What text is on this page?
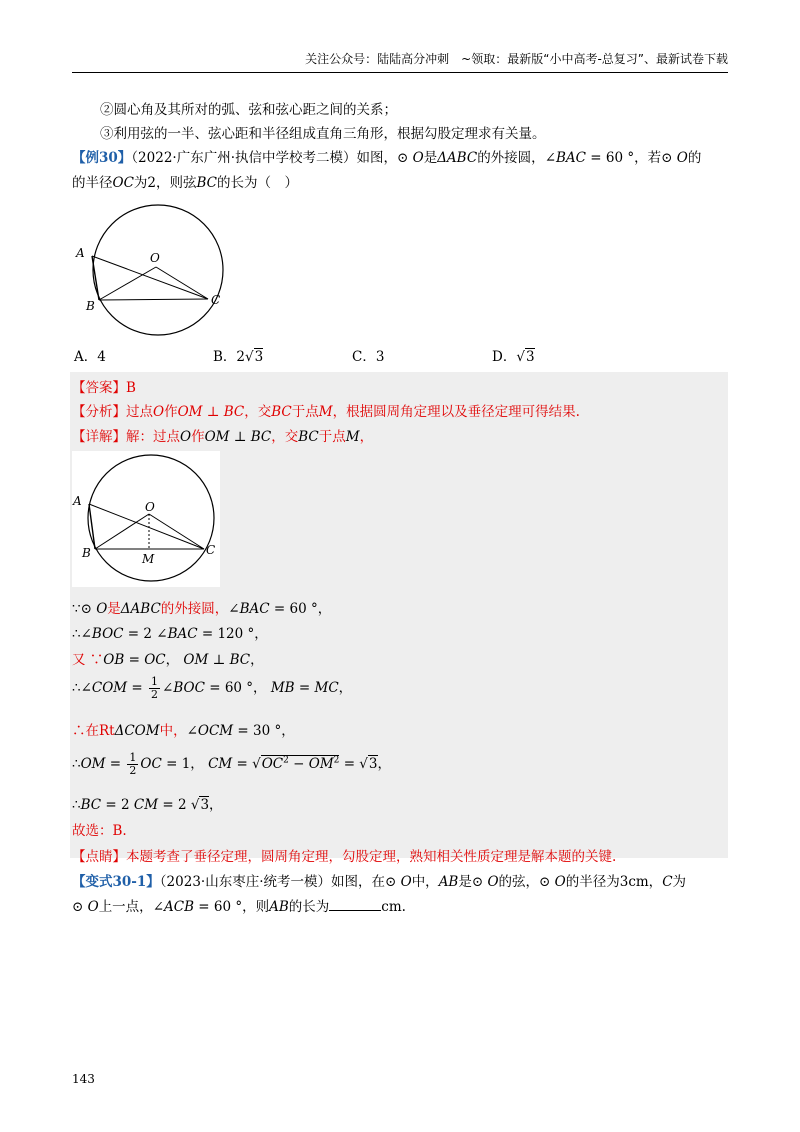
关注公众号：陆陆高分冲刺　~领取：最新版“小中高考-总复习”、最新试卷下载
②圆心角及其所对的弧、弦和弦心距之间的关系；
③利用弦的一半、弦心距和半径组成直角三角形，根据勾股定理求有关量。
【例30】（2022·广东广州·执信中学校考二模）如图，⊙ O是ΔABC的外接圆，∠BAC = 60 °，若⊙ O的
的半径OC为2，则弦BC的长为（　）
A
B	C
O
A．4	B．2√3	C．3	D．√3
【答案】B
【分析】过点O作OM ⊥ BC，交BC于点M，根据圆周角定理以及垂径定理可得结果.
【详解】解：过点O作OM ⊥ BC，交BC于点M，
A
B	C
O
M
∵⊙ O是ΔABC的外接圆，∠BAC = 60 °，
∴∠BOC = 2 ∠BAC = 120 °，
又 ∵OB = OC， OM ⊥ BC，
∴∠COM = $\frac{1}{2}$ ∠BOC = 60 °， MB = MC，
∴在RtΔCOM中，∠OCM = 30 °，
∴OM = $\frac{1}{2}$ OC = 1， CM = $√OC^2 - OM^2 = √3$，
∴BC = 2 CM = 2 √3，
故选：B.
【点睛】本题考查了垂径定理，圆周角定理，勾股定理，熟知相关性质定理是解本题的关键.
【变式30-1】（2023·山东枣庄·统考一模）如图，在⊙ O中，AB是⊙ O的弦，⊙ O的半径为3cm，C为
⊙ O上一点，∠ACB = 60 °，则AB的长为	cm.
143
